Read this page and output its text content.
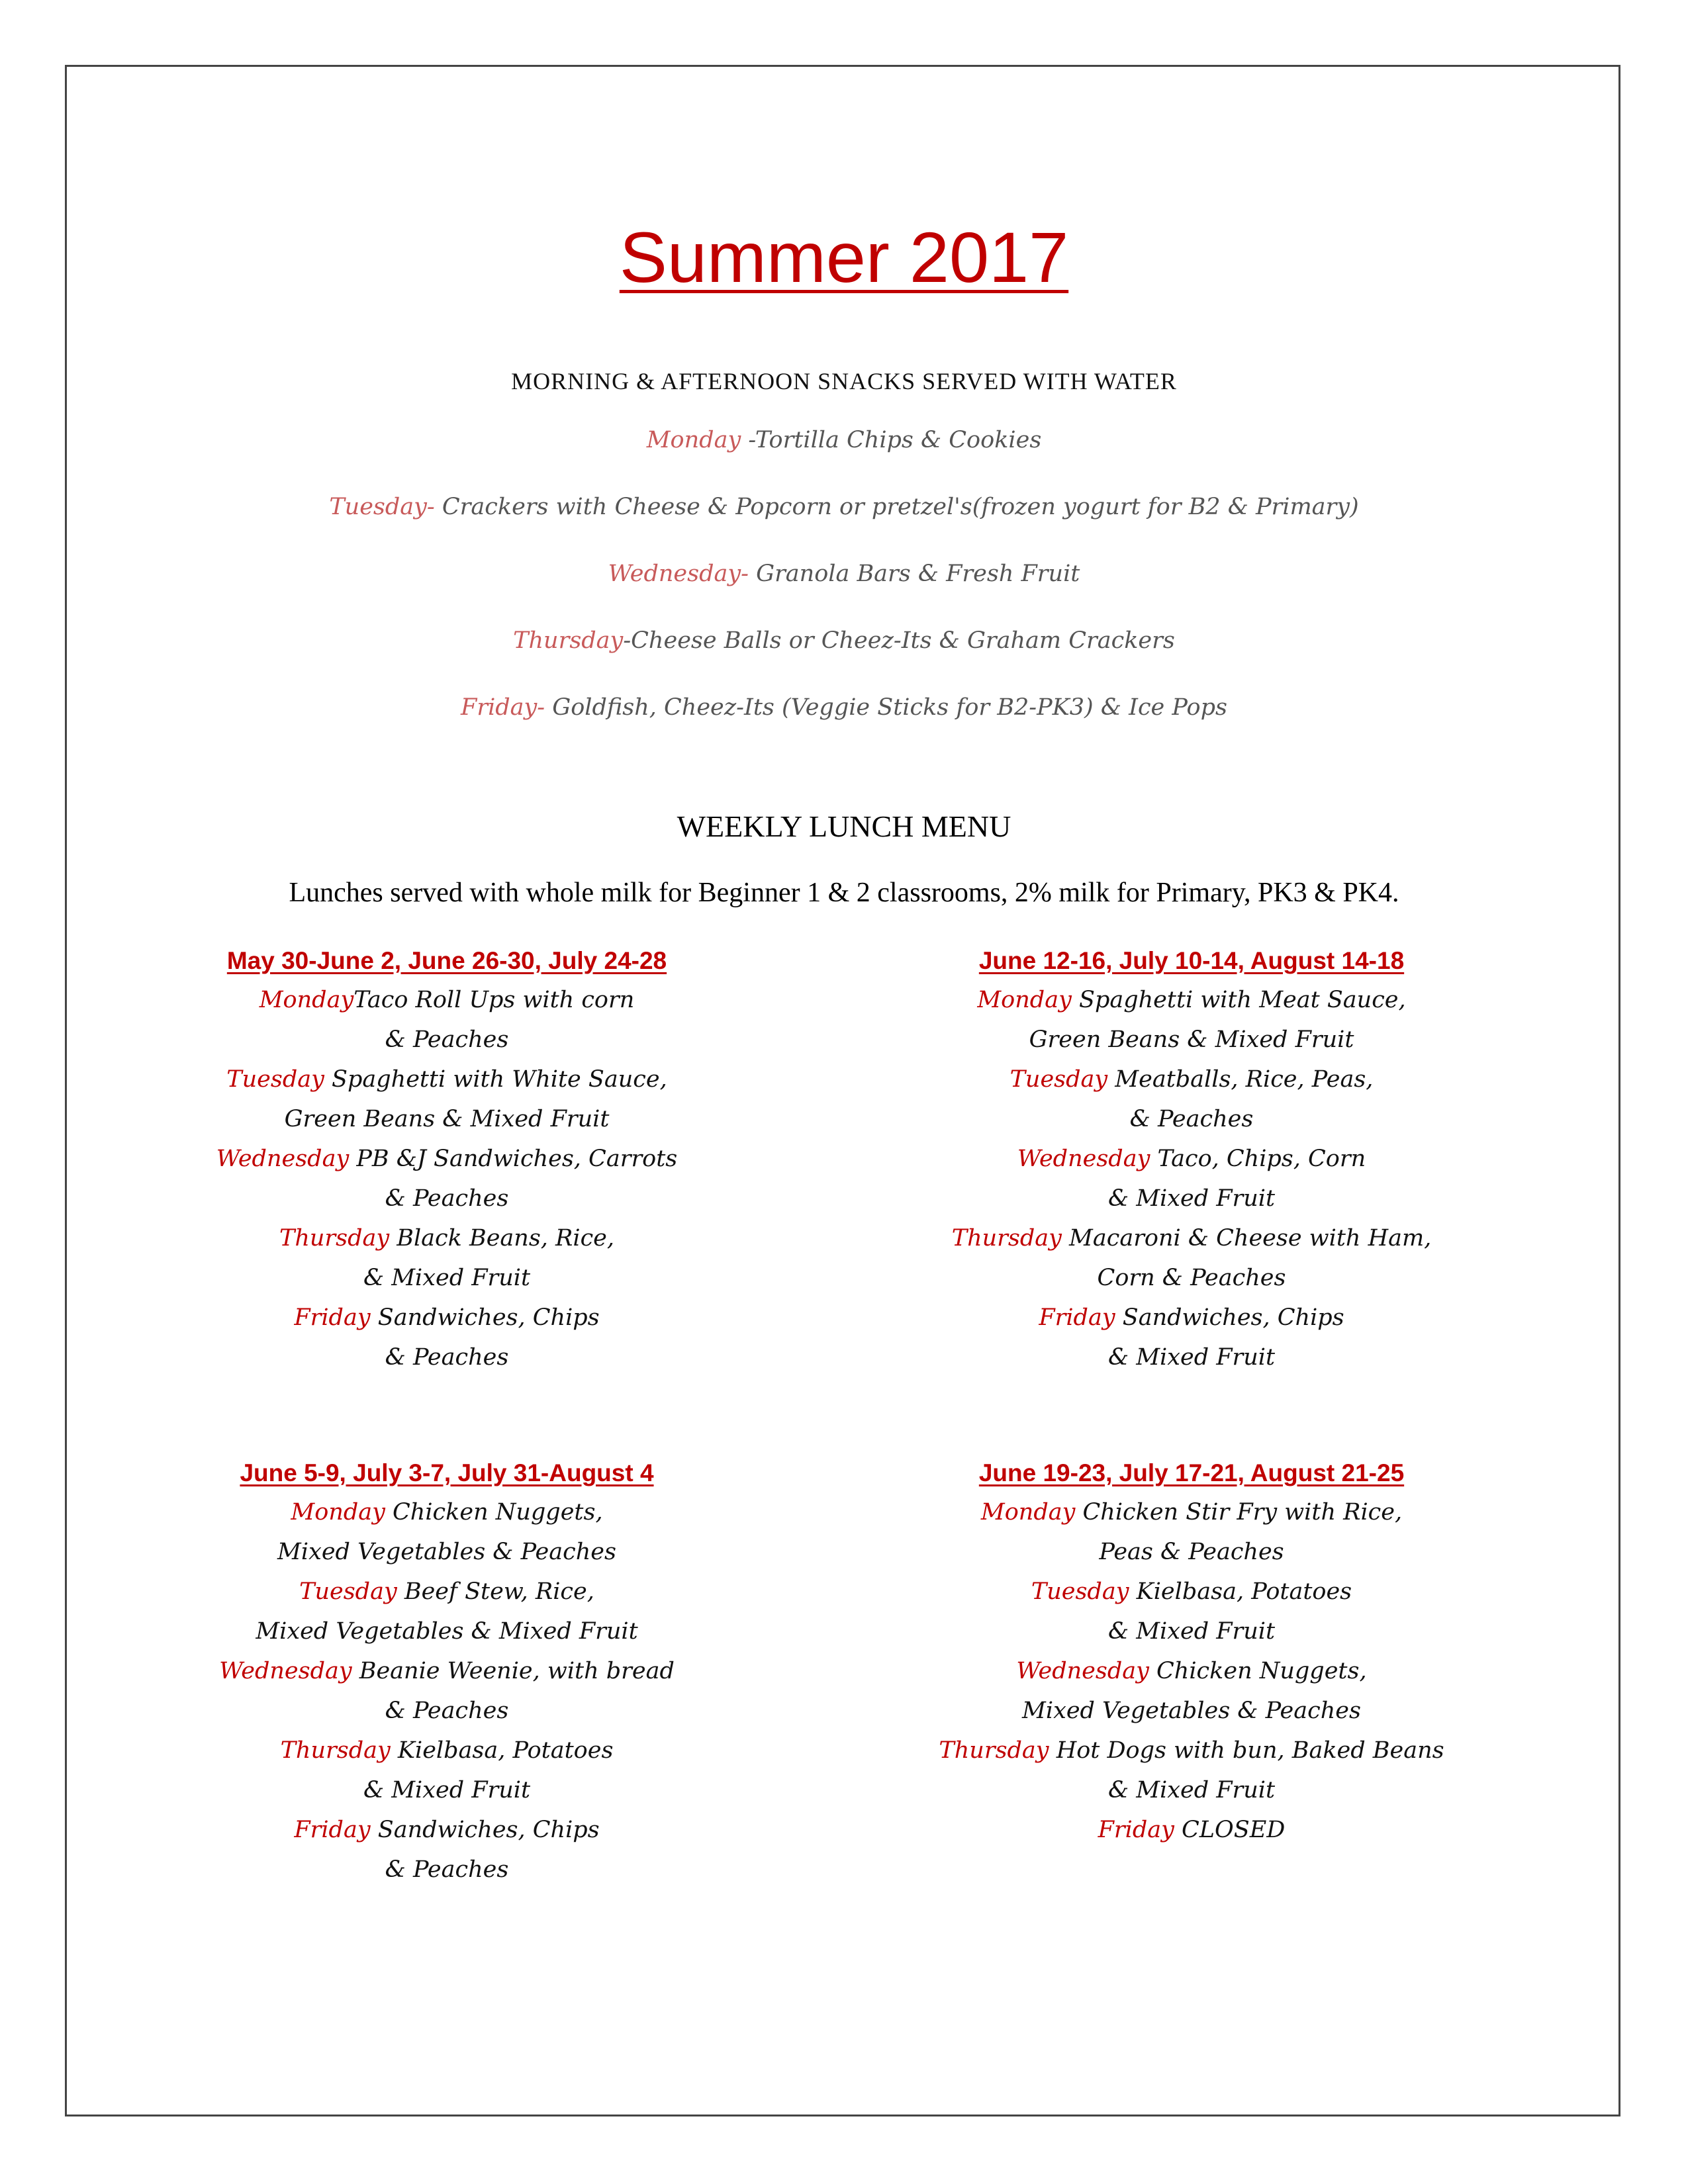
Summer 2017
MORNING & AFTERNOON SNACKS SERVED WITH WATER
Monday -Tortilla Chips & Cookies
Tuesday- Crackers with Cheese & Popcorn or pretzel's(frozen yogurt for B2 & Primary)
Wednesday- Granola Bars & Fresh Fruit
Thursday-Cheese Balls or Cheez-Its & Graham Crackers
Friday- Goldfish, Cheez-Its (Veggie Sticks for B2-PK3) & Ice Pops
WEEKLY LUNCH MENU
Lunches served with whole milk for Beginner 1 & 2 classrooms, 2% milk for Primary, PK3 & PK4.
May 30-June 2, June 26-30, July 24-28
MondayTaco Roll Ups with corn
& Peaches
Tuesday Spaghetti with White Sauce,
Green Beans & Mixed Fruit
Wednesday PB &J Sandwiches, Carrots
& Peaches
Thursday Black Beans, Rice,
& Mixed Fruit
Friday Sandwiches, Chips
& Peaches
June 12-16, July 10-14, August 14-18
Monday Spaghetti with Meat Sauce,
Green Beans & Mixed Fruit
Tuesday Meatballs, Rice, Peas,
& Peaches
Wednesday Taco, Chips, Corn
& Mixed Fruit
Thursday Macaroni & Cheese with Ham,
Corn & Peaches
Friday Sandwiches, Chips
& Mixed Fruit
June 5-9, July 3-7, July 31-August 4
Monday Chicken Nuggets,
Mixed Vegetables & Peaches
Tuesday Beef Stew, Rice,
Mixed Vegetables & Mixed Fruit
Wednesday Beanie Weenie, with bread
& Peaches
Thursday Kielbasa, Potatoes
& Mixed Fruit
Friday Sandwiches, Chips
& Peaches
June 19-23, July 17-21, August 21-25
Monday Chicken Stir Fry with Rice,
Peas & Peaches
Tuesday Kielbasa, Potatoes
& Mixed Fruit
Wednesday Chicken Nuggets,
Mixed Vegetables & Peaches
Thursday Hot Dogs with bun, Baked Beans
& Mixed Fruit
Friday CLOSED
